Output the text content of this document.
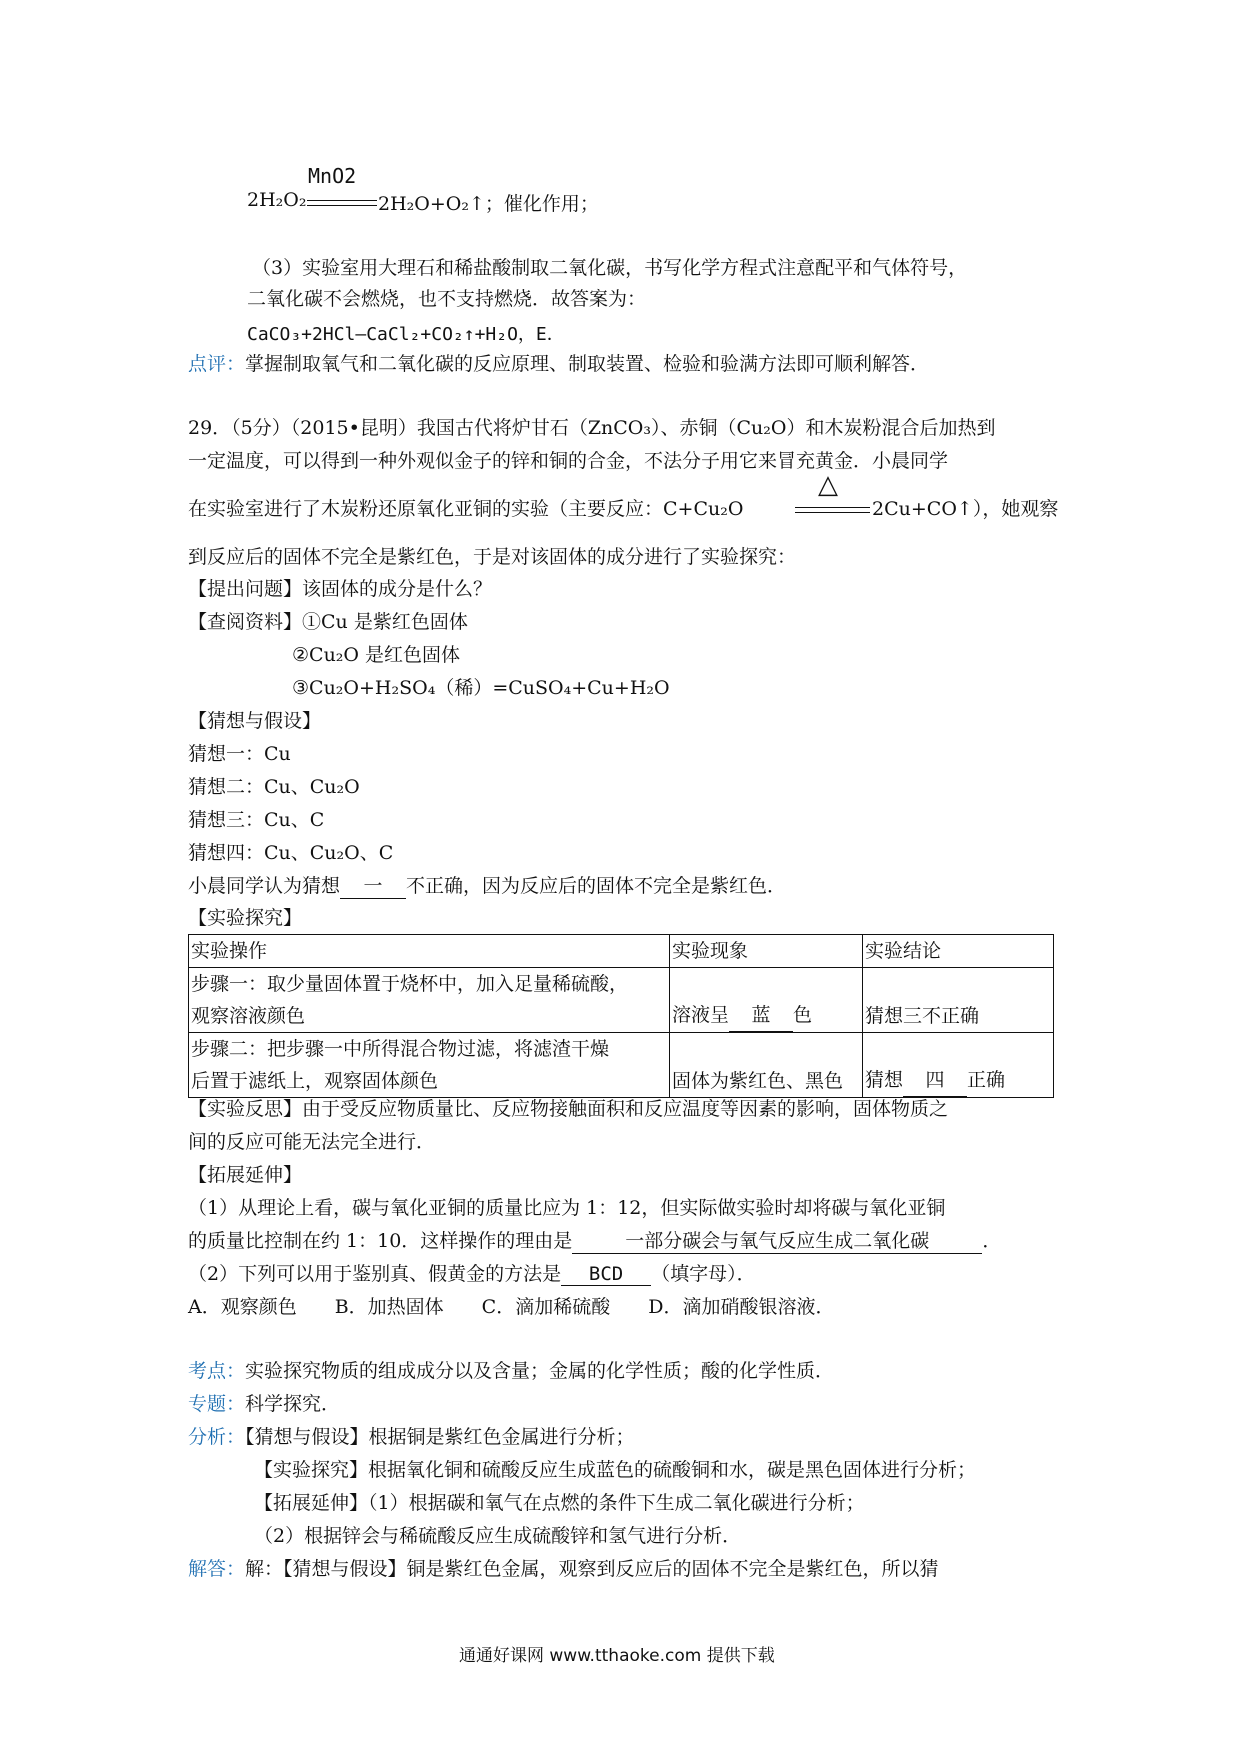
MnO2
2H₂O₂	2H₂O+O₂↑；催化作用；
（3）实验室用大理石和稀盐酸制取二氧化碳，书写化学方程式注意配平和气体符号，
二氧化碳不会燃烧，也不支持燃烧．故答案为：
CaCO₃+2HCl—CaCl₂+CO₂↑+H₂O，E．
点评：掌握制取氧气和二氧化碳的反应原理、制取装置、检验和验满方法即可顺利解答．
29．（5分）（2015•昆明）我国古代将炉甘石（ZnCO₃）、赤铜（Cu₂O）和木炭粉混合后加热到
一定温度，可以得到一种外观似金子的锌和铜的合金，不法分子用它来冒充黄金．小晨同学
在实验室进行了木炭粉还原氧化亚铜的实验（主要反应：C+Cu₂O
△
2Cu+CO↑），她观察
到反应后的固体不完全是紫红色，于是对该固体的成分进行了实验探究：
【提出问题】该固体的成分是什么？
【查阅资料】①Cu 是紫红色固体
②Cu₂O 是红色固体
③Cu₂O+H₂SO₄（稀）=CuSO₄+Cu+H₂O
【猜想与假设】
猜想一：Cu
猜想二：Cu、Cu₂O
猜想三：Cu、C
猜想四：Cu、Cu₂O、C
小晨同学认为猜想 一 不正确，因为反应后的固体不完全是紫红色．
【实验探究】
实验操作	实验现象	实验结论

步骤一：取少量固体置于烧杯中，加入足量稀硫酸，
观察溶液颜色	溶液呈 蓝 色	猜想三不正确

步骤二：把步骤一中所得混合物过滤，将滤渣干燥
后置于滤纸上，观察固体颜色	固体为紫红色、黑色	猜想 四 正确
【实验反思】由于受反应物质量比、反应物接触面积和反应温度等因素的影响，固体物质之
间的反应可能无法完全进行．
【拓展延伸】
（1）从理论上看，碳与氧化亚铜的质量比应为 1：12，但实际做实验时却将碳与氧化亚铜
的质量比控制在约 1：10．这样操作的理由是	一部分碳会与氧气反应生成二氧化碳	．
（2）下列可以用于鉴别真、假黄金的方法是 BCD （填字母）．
A．观察颜色　　B．加热固体　　C．滴加稀硫酸　　D．滴加硝酸银溶液．
考点：实验探究物质的组成成分以及含量；金属的化学性质；酸的化学性质．
专题：科学探究．
分析：【猜想与假设】根据铜是紫红色金属进行分析；
【实验探究】根据氧化铜和硫酸反应生成蓝色的硫酸铜和水，碳是黑色固体进行分析；
【拓展延伸】（1）根据碳和氧气在点燃的条件下生成二氧化碳进行分析；
（2）根据锌会与稀硫酸反应生成硫酸锌和氢气进行分析．
解答：解：【猜想与假设】铜是紫红色金属，观察到反应后的固体不完全是紫红色，所以猜
通通好课网 www.tthaoke.com 提供下载
